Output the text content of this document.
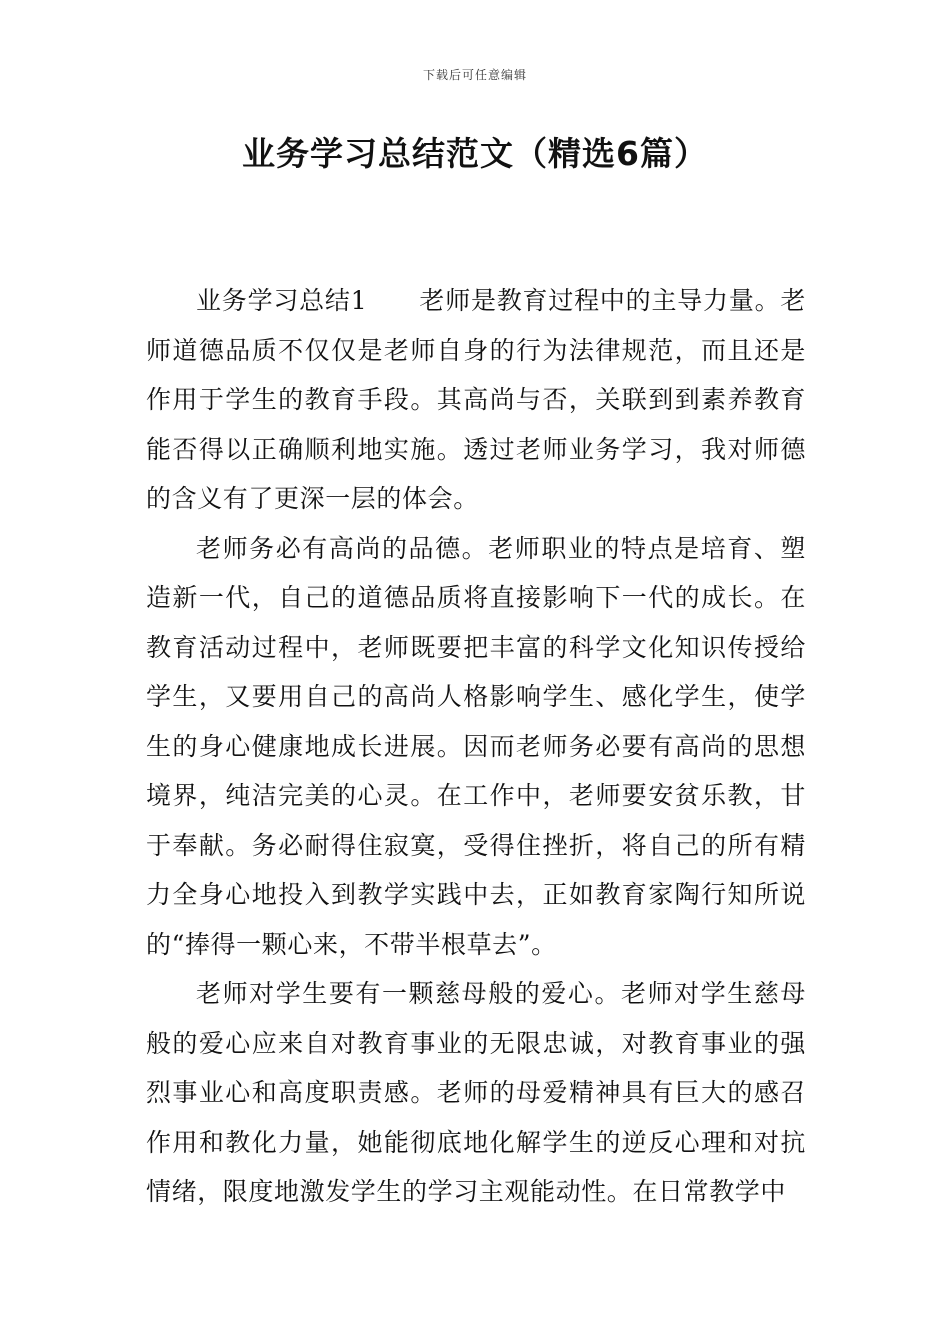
下载后可任意编辑
业务学习总结范文（精选6篇）

业务学习总结1 老师是教育过程中的主导力量。老师道德品质不仅仅是老师自身的行为法律规范，而且还是作用于学生的教育手段。其高尚与否，关联到到素养教育能否得以正确顺利地实施。透过老师业务学习，我对师德的含义有了更深一层的体会。

老师务必有高尚的品德。老师职业的特点是培育、塑造新一代，自己的道德品质将直接影响下一代的成长。在教育活动过程中，老师既要把丰富的科学文化知识传授给学生，又要用自己的高尚人格影响学生、感化学生，使学生的身心健康地成长进展。因而老师务必要有高尚的思想境界，纯洁完美的心灵。在工作中，老师要安贫乐教，甘于奉献。务必耐得住寂寞，受得住挫折，将自己的所有精力全身心地投入到教学实践中去，正如教育家陶行知所说的“捧得一颗心来，不带半根草去”。

老师对学生要有一颗慈母般的爱心。老师对学生慈母般的爱心应来自对教育事业的无限忠诚，对教育事业的强烈事业心和高度职责感。老师的母爱精神具有巨大的感召作用和教化力量，她能彻底地化解学生的逆反心理和对抗情绪，限度地激发学生的学习主观能动性。在日常教学中
